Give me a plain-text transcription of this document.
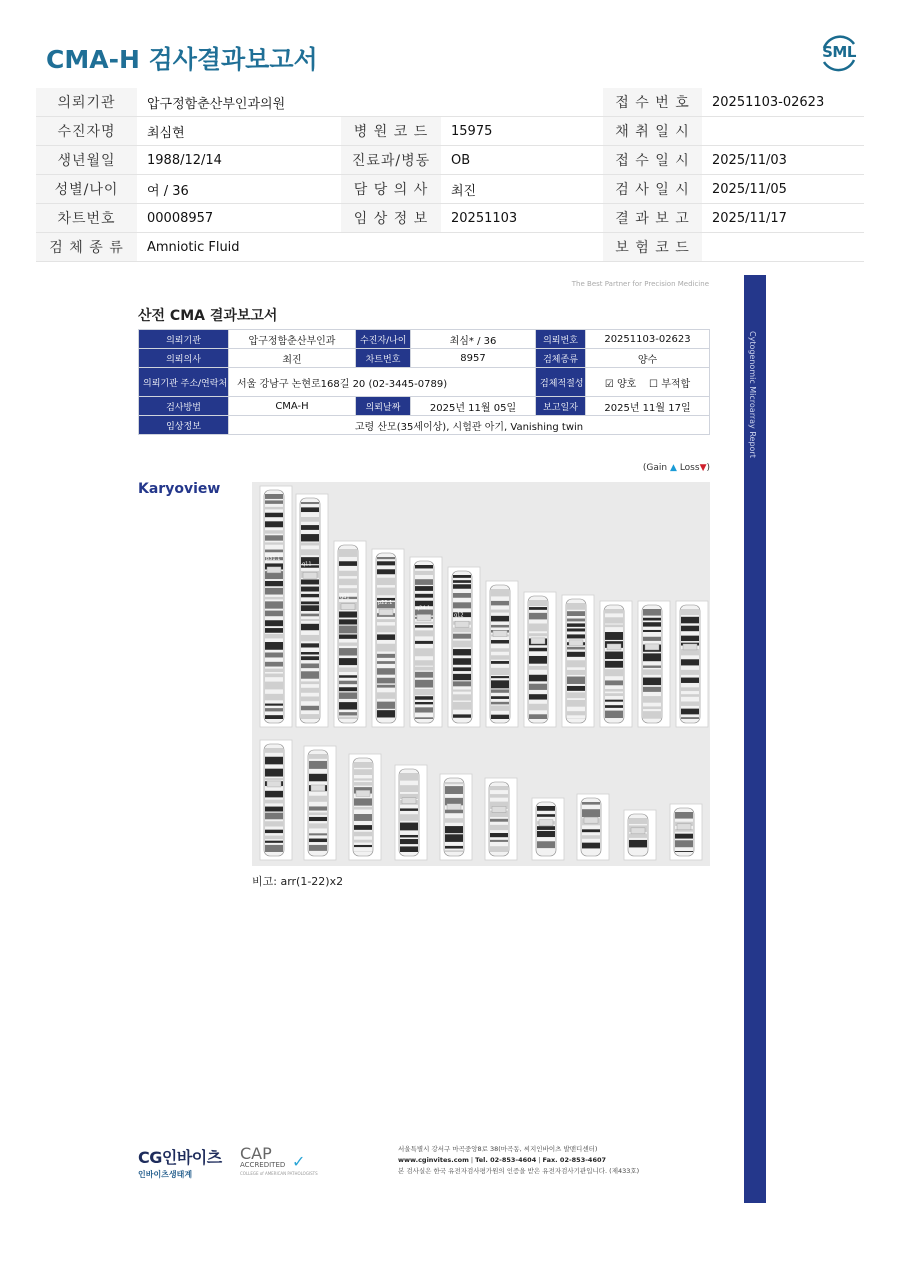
CMA-H 검사결과보고서	SML
의뢰기관	압구정함춘산부인과의원			접 수 번 호	20251103-02623
수진자명	최심현	병 원 코 드	15975	채 취 일 시	
생년월일	1988/12/14	진료과/병동	OB	접 수 일 시	2025/11/03
성별/나이	여 / 36	담 당 의 사	최진	검 사 일 시	2025/11/05
차트번호	00008957	임 상 정 보	20251103	결 과 보 고	2025/11/17
검 체 종 류	Amniotic Fluid			보 험 코 드	
Cytogenomic Microarray Report
The Best Partner for Precision Medicine
산전 CMA 결과보고서
의뢰기관	압구정함춘산부인과	수진자/나이	최심* / 36	의뢰번호	20251103-02623
의뢰의사	최진	차트번호	8957	검체종류	양수
의뢰기관 주소/연락처	서울 강남구 논현로168길 20 (02-3445-0789)			검체적절성	☑ 양호 ☐ 부적합
검사방법	CMA-H	의뢰날짜	2025년 11월 05일	보고일자	2025년 11월 17일
임상정보	고령 산모(35세이상), 시험관 아기, Vanishing twin				
(Gain ▲ Loss▼)
Karyoview
p31.1
q11
q41
p22.1
q24.1
q12
비고: arr(1-22)x2
CG인바이츠
인바이츠생태계
CAP
ACCREDITED ✓
COLLEGE of AMERICAN PATHOLOGISTS
서울특별시 강서구 마곡중앙8로 38(마곡동, 씨지인바이츠 발맨디센터)
www.cginvites.com | Tel. 02-853-4604 | Fax. 02-853-4607
본 검사실은 한국 유전자검사평가원의 인증을 받은 유전자검사기관입니다. (제433호)
